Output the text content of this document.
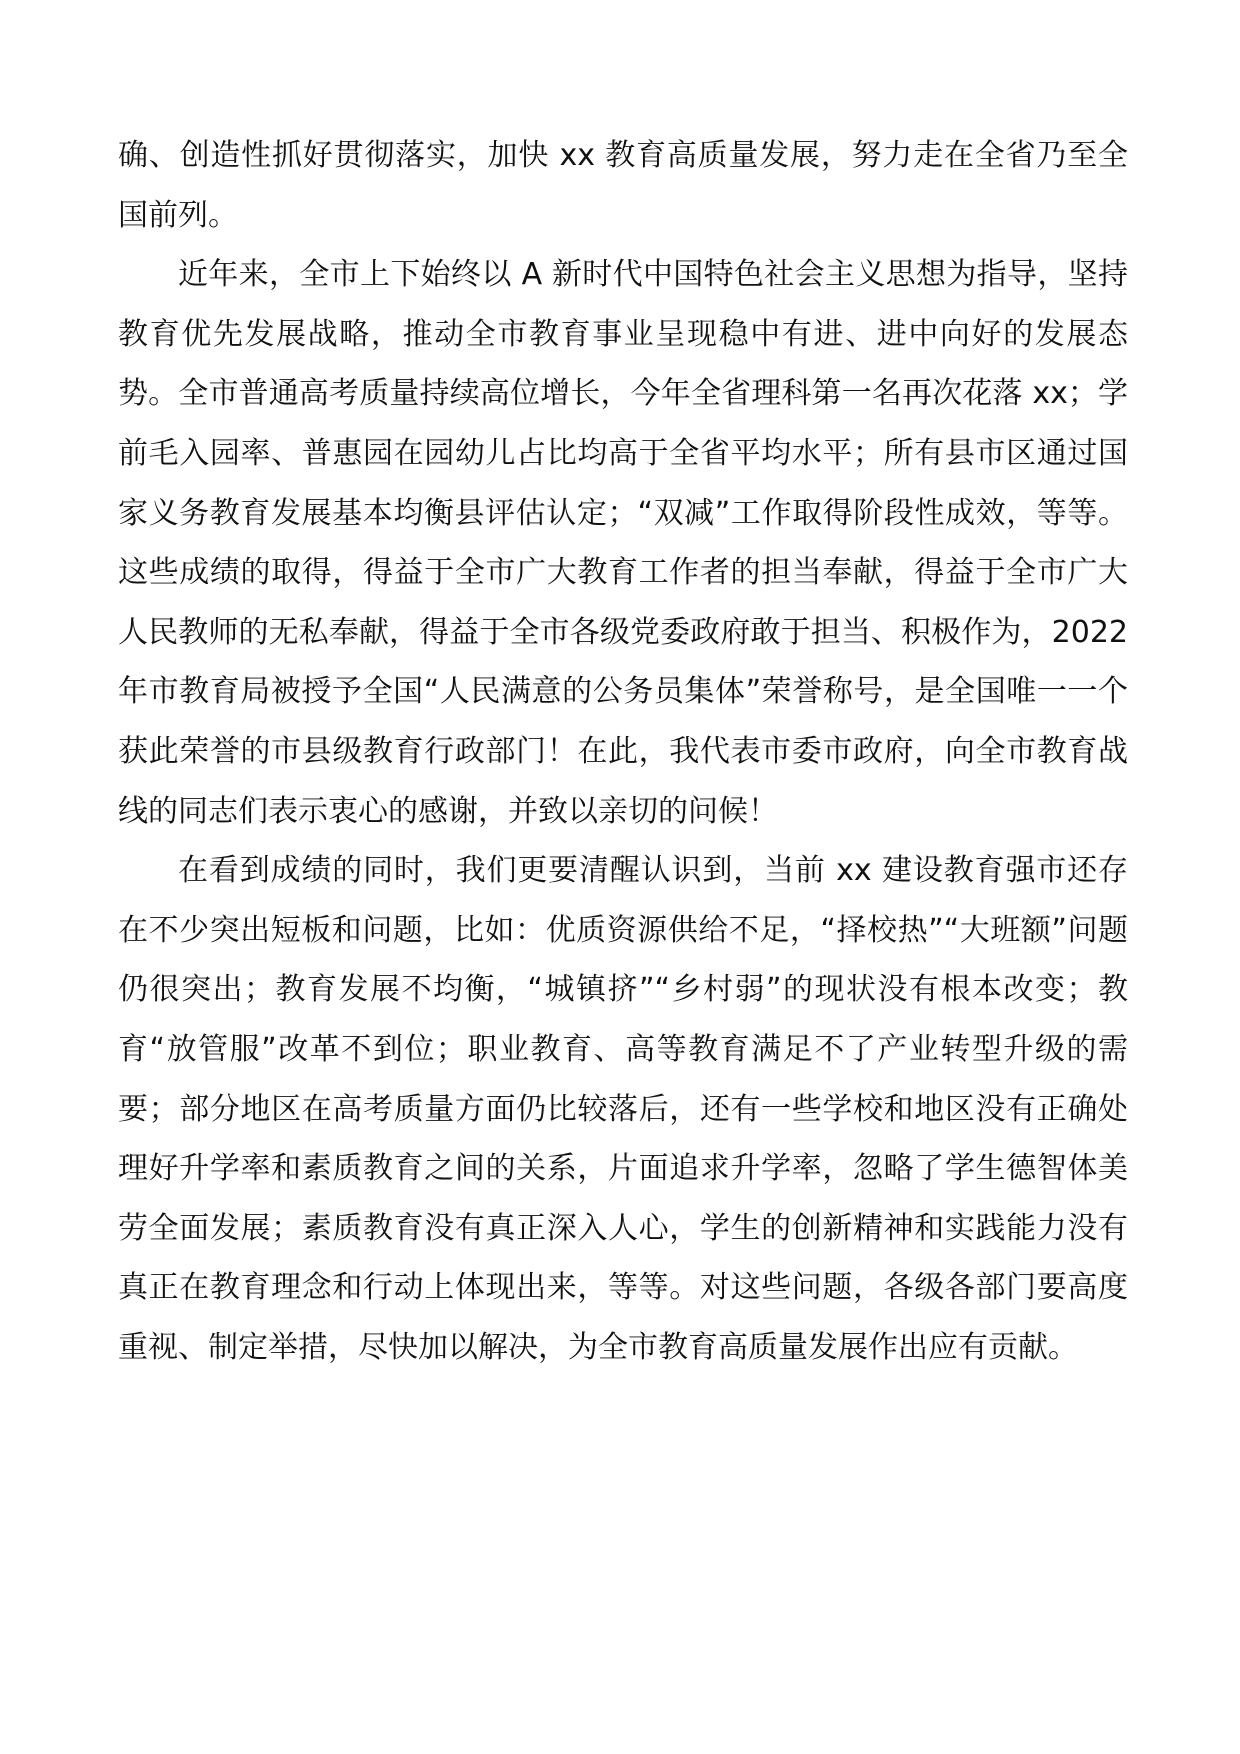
确、创造性抓好贯彻落实，加快 xx 教育高质量发展，努力走在全省乃至全国前列。

近年来，全市上下始终以 A 新时代中国特色社会主义思想为指导，坚持教育优先发展战略，推动全市教育事业呈现稳中有进、进中向好的发展态势。全市普通高考质量持续高位增长，今年全省理科第一名再次花落 xx；学前毛入园率、普惠园在园幼儿占比均高于全省平均水平；所有县市区通过国家义务教育发展基本均衡县评估认定；“双减”工作取得阶段性成效，等等。这些成绩的取得，得益于全市广大教育工作者的担当奉献，得益于全市广大人民教师的无私奉献，得益于全市各级党委政府敢于担当、积极作为，2022 年市教育局被授予全国“人民满意的公务员集体”荣誉称号，是全国唯一一个获此荣誉的市县级教育行政部门！在此，我代表市委市政府，向全市教育战线的同志们表示衷心的感谢，并致以亲切的问候！

在看到成绩的同时，我们更要清醒认识到，当前 xx 建设教育强市还存在不少突出短板和问题，比如：优质资源供给不足，“择校热”“大班额”问题仍很突出；教育发展不均衡，“城镇挤”“乡村弱”的现状没有根本改变；教育“放管服”改革不到位；职业教育、高等教育满足不了产业转型升级的需要；部分地区在高考质量方面仍比较落后，还有一些学校和地区没有正确处理好升学率和素质教育之间的关系，片面追求升学率，忽略了学生德智体美劳全面发展；素质教育没有真正深入人心，学生的创新精神和实践能力没有真正在教育理念和行动上体现出来，等等。对这些问题，各级各部门要高度重视、制定举措，尽快加以解决，为全市教育高质量发展作出应有贡献。
